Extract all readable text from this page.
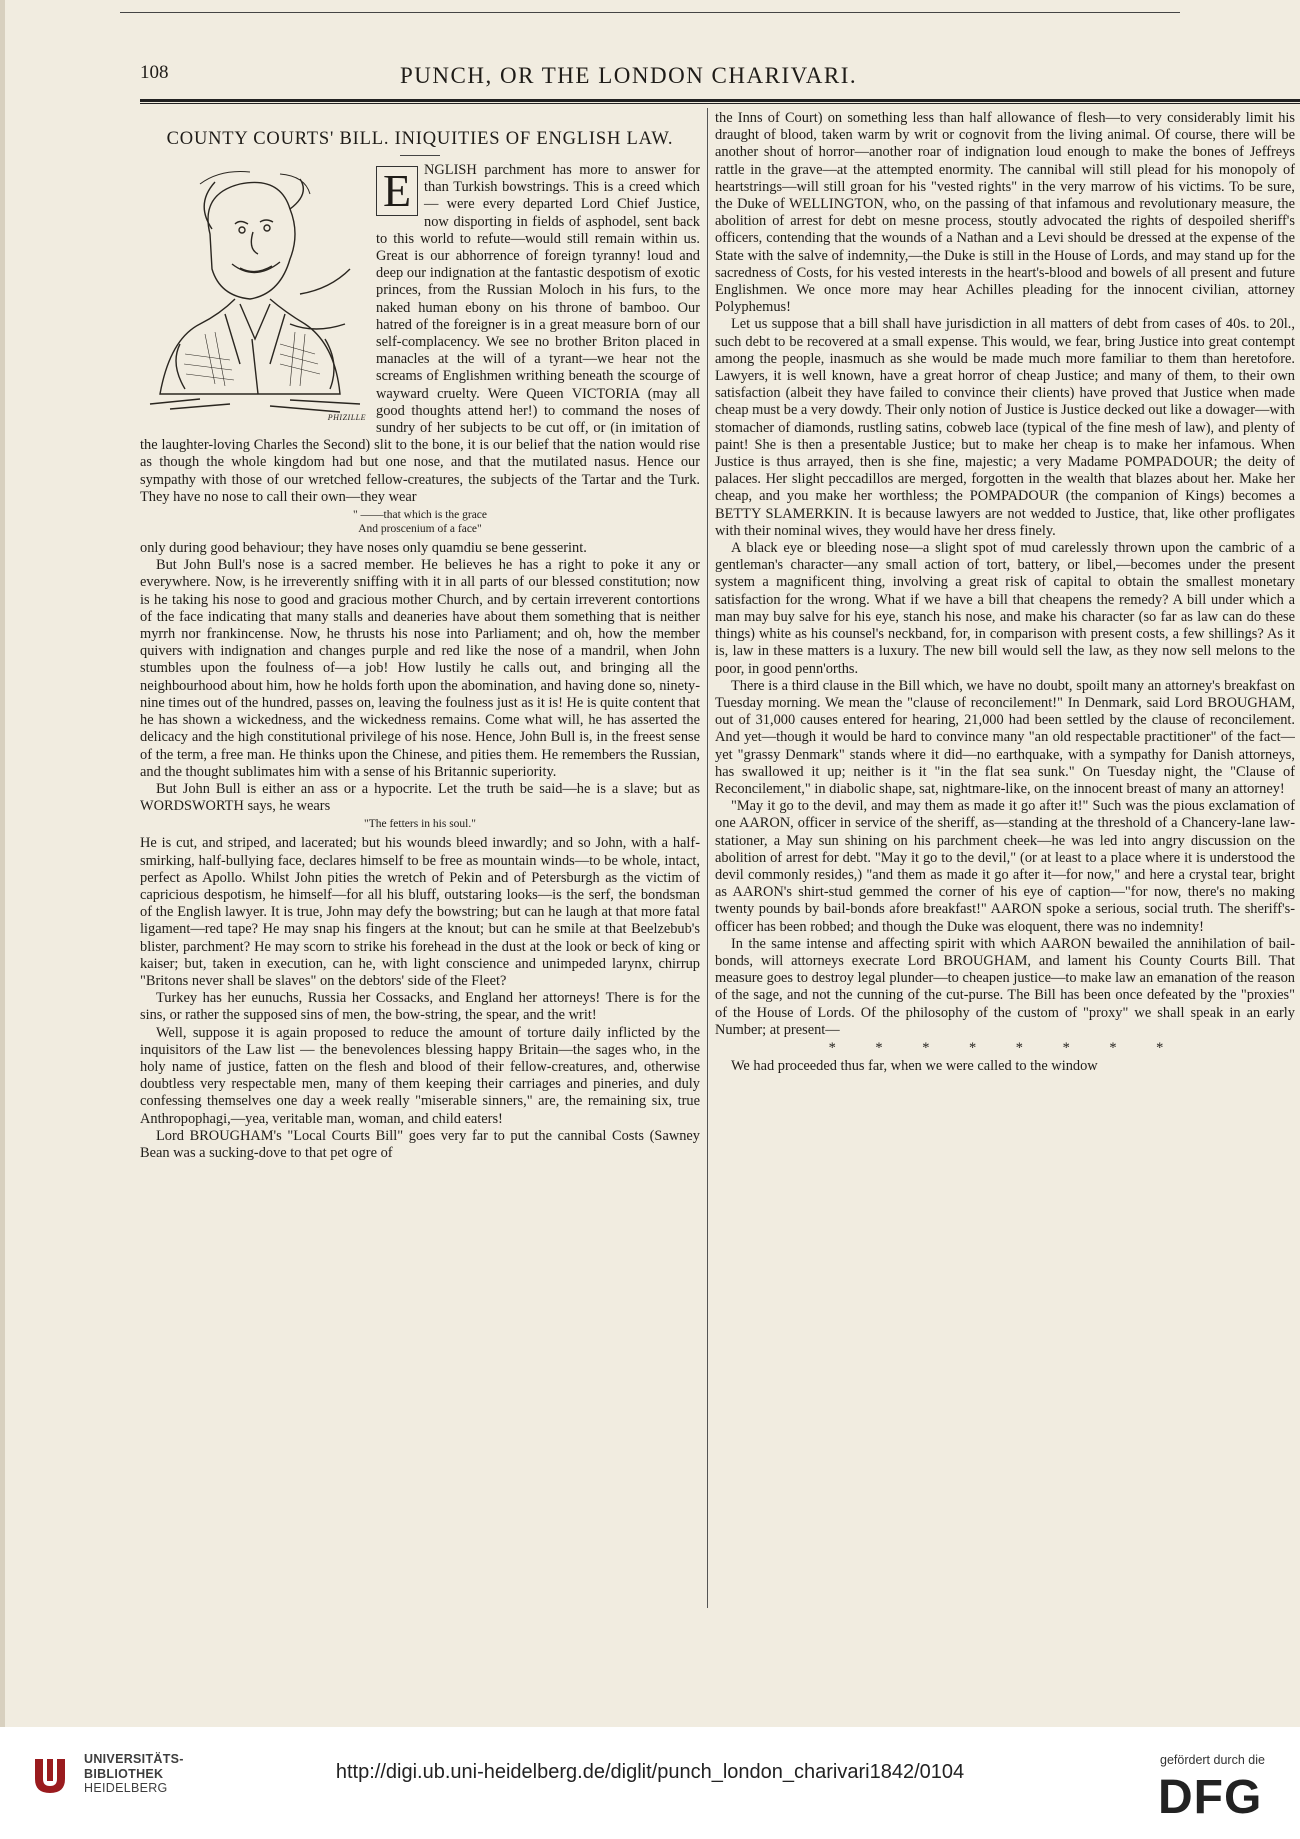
108	PUNCH, OR THE LONDON CHARIVARI.
COUNTY COURTS' BILL. INIQUITIES OF ENGLISH LAW.
PHIZILLE
E NGLISH parchment has more to answer for than Turkish bowstrings. This is a creed which — were every departed Lord Chief Justice, now disporting in fields of asphodel, sent back to this world to refute—would still remain within us. Great is our abhorrence of foreign tyranny! loud and deep our indignation at the fantastic despotism of exotic princes, from the Russian Moloch in his furs, to the naked human ebony on his throne of bamboo. Our hatred of the foreigner is in a great measure born of our self-complacency. We see no brother Briton placed in manacles at the will of a tyrant—we hear not the screams of Englishmen writhing beneath the scourge of wayward cruelty. Were Queen VICTORIA (may all good thoughts attend her!) to command the noses of sundry of her subjects to be cut off, or (in imitation of the laughter-loving Charles the Second) slit to the bone, it is our belief that the nation would rise as though the whole kingdom had but one nose, and that the mutilated nasus. Hence our sympathy with those of our wretched fellow-creatures, the subjects of the Tartar and the Turk. They have no nose to call their own—they wear

" ——that which is the grace
And proscenium of a face"

only during good behaviour; they have noses only quamdiu se bene gesserint.

But John Bull's nose is a sacred member. He believes he has a right to poke it any or everywhere. Now, is he irreverently sniffing with it in all parts of our blessed constitution; now is he taking his nose to good and gracious mother Church, and by certain irreverent contortions of the face indicating that many stalls and deaneries have about them something that is neither myrrh nor frankincense. Now, he thrusts his nose into Parliament; and oh, how the member quivers with indignation and changes purple and red like the nose of a mandril, when John stumbles upon the foulness of—a job! How lustily he calls out, and bringing all the neighbourhood about him, how he holds forth upon the abomination, and having done so, ninety-nine times out of the hundred, passes on, leaving the foulness just as it is! He is quite content that he has shown a wickedness, and the wickedness remains. Come what will, he has asserted the delicacy and the high constitutional privilege of his nose. Hence, John Bull is, in the freest sense of the term, a free man. He thinks upon the Chinese, and pities them. He remembers the Russian, and the thought sublimates him with a sense of his Britannic superiority.

But John Bull is either an ass or a hypocrite. Let the truth be said—he is a slave; but as WORDSWORTH says, he wears

"The fetters in his soul."

He is cut, and striped, and lacerated; but his wounds bleed inwardly; and so John, with a half-smirking, half-bullying face, declares himself to be free as mountain winds—to be whole, intact, perfect as Apollo. Whilst John pities the wretch of Pekin and of Petersburgh as the victim of capricious despotism, he himself—for all his bluff, outstaring looks—is the serf, the bondsman of the English lawyer. It is true, John may defy the bowstring; but can he laugh at that more fatal ligament—red tape? He may snap his fingers at the knout; but can he smile at that Beelzebub's blister, parchment? He may scorn to strike his forehead in the dust at the look or beck of king or kaiser; but, taken in execution, can he, with light conscience and unimpeded larynx, chirrup "Britons never shall be slaves" on the debtors' side of the Fleet?

Turkey has her eunuchs, Russia her Cossacks, and England her attorneys! There is for the sins, or rather the supposed sins of men, the bow-string, the spear, and the writ!

Well, suppose it is again proposed to reduce the amount of torture daily inflicted by the inquisitors of the Law list — the benevolences blessing happy Britain—the sages who, in the holy name of justice, fatten on the flesh and blood of their fellow-creatures, and, otherwise doubtless very respectable men, many of them keeping their carriages and pineries, and duly confessing themselves one day a week really "miserable sinners," are, the remaining six, true Anthropophagi,—yea, veritable man, woman, and child eaters!

Lord BROUGHAM's "Local Courts Bill" goes very far to put the cannibal Costs (Sawney Bean was a sucking-dove to that pet ogre of

the Inns of Court) on something less than half allowance of flesh—to very considerably limit his draught of blood, taken warm by writ or cognovit from the living animal. Of course, there will be another shout of horror—another roar of indignation loud enough to make the bones of Jeffreys rattle in the grave—at the attempted enormity. The cannibal will still plead for his monopoly of heartstrings—will still groan for his "vested rights" in the very marrow of his victims. To be sure, the Duke of WELLINGTON, who, on the passing of that infamous and revolutionary measure, the abolition of arrest for debt on mesne process, stoutly advocated the rights of despoiled sheriff's officers, contending that the wounds of a Nathan and a Levi should be dressed at the expense of the State with the salve of indemnity,—the Duke is still in the House of Lords, and may stand up for the sacredness of Costs, for his vested interests in the heart's-blood and bowels of all present and future Englishmen. We once more may hear Achilles pleading for the innocent civilian, attorney Polyphemus!

Let us suppose that a bill shall have jurisdiction in all matters of debt from cases of 40s. to 20l., such debt to be recovered at a small expense. This would, we fear, bring Justice into great contempt among the people, inasmuch as she would be made much more familiar to them than heretofore. Lawyers, it is well known, have a great horror of cheap Justice; and many of them, to their own satisfaction (albeit they have failed to convince their clients) have proved that Justice when made cheap must be a very dowdy. Their only notion of Justice is Justice decked out like a dowager—with stomacher of diamonds, rustling satins, cobweb lace (typical of the fine mesh of law), and plenty of paint! She is then a presentable Justice; but to make her cheap is to make her infamous. When Justice is thus arrayed, then is she fine, majestic; a very Madame POMPADOUR; the deity of palaces. Her slight peccadillos are merged, forgotten in the wealth that blazes about her. Make her cheap, and you make her worthless; the POMPADOUR (the companion of Kings) becomes a BETTY SLAMERKIN. It is because lawyers are not wedded to Justice, that, like other profligates with their nominal wives, they would have her dress finely.

A black eye or bleeding nose—a slight spot of mud carelessly thrown upon the cambric of a gentleman's character—any small action of tort, battery, or libel,—becomes under the present system a magnificent thing, involving a great risk of capital to obtain the smallest monetary satisfaction for the wrong. What if we have a bill that cheapens the remedy? A bill under which a man may buy salve for his eye, stanch his nose, and make his character (so far as law can do these things) white as his counsel's neckband, for, in comparison with present costs, a few shillings? As it is, law in these matters is a luxury. The new bill would sell the law, as they now sell melons to the poor, in good penn'orths.

There is a third clause in the Bill which, we have no doubt, spoilt many an attorney's breakfast on Tuesday morning. We mean the "clause of reconcilement!" In Denmark, said Lord BROUGHAM, out of 31,000 causes entered for hearing, 21,000 had been settled by the clause of reconcilement. And yet—though it would be hard to convince many "an old respectable practitioner" of the fact—yet "grassy Denmark" stands where it did—no earthquake, with a sympathy for Danish attorneys, has swallowed it up; neither is it "in the flat sea sunk." On Tuesday night, the "Clause of Reconcilement," in diabolic shape, sat, nightmare-like, on the innocent breast of many an attorney!

"May it go to the devil, and may them as made it go after it!" Such was the pious exclamation of one AARON, officer in service of the sheriff, as—standing at the threshold of a Chancery-lane law-stationer, a May sun shining on his parchment cheek—he was led into angry discussion on the abolition of arrest for debt. "May it go to the devil," (or at least to a place where it is understood the devil commonly resides,) "and them as made it go after it—for now," and here a crystal tear, bright as AARON's shirt-stud gemmed the corner of his eye of caption—"for now, there's no making twenty pounds by bail-bonds afore breakfast!" AARON spoke a serious, social truth. The sheriff's-officer has been robbed; and though the Duke was eloquent, there was no indemnity!

In the same intense and affecting spirit with which AARON bewailed the annihilation of bail-bonds, will attorneys execrate Lord BROUGHAM, and lament his County Courts Bill. That measure goes to destroy legal plunder—to cheapen justice—to make law an emanation of the reason of the sage, and not the cunning of the cut-purse. The Bill has been once defeated by the "proxies" of the House of Lords. Of the philosophy of the custom of "proxy" we shall speak in an early Number; at present—

* * * * * * * *

We had proceeded thus far, when we were called to the window

UNIVERSITÄTS-
BIBLIOTHEK
HEIDELBERG
http://digi.ub.uni-heidelberg.de/diglit/punch_london_charivari1842/0104
gefördert durch die
DFG
